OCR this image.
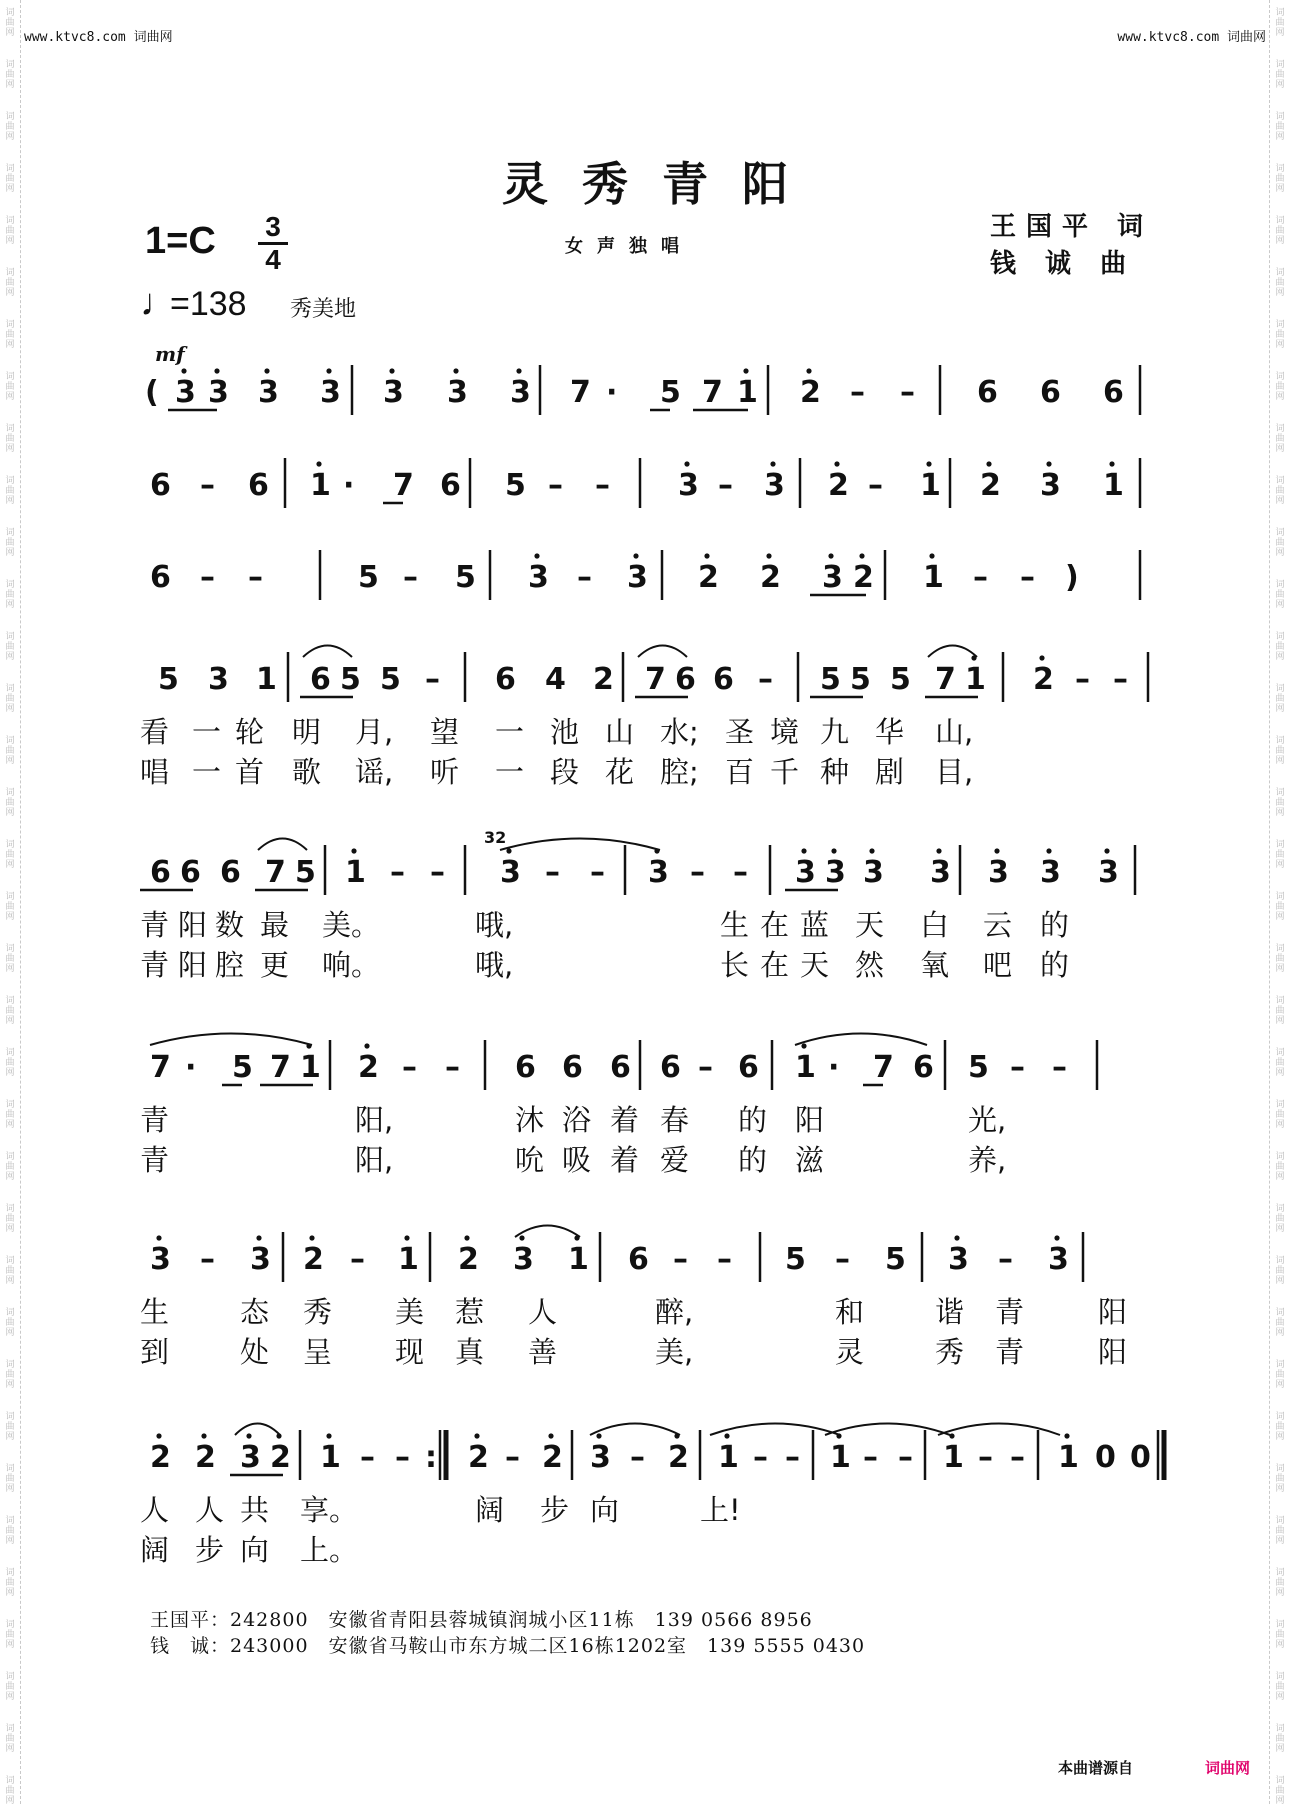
词
曲
网
词
曲
网
词
曲
网
词
曲
网
词
曲
网
词
曲
网
词
曲
网
词
曲
网
词
曲
网
词
曲
网
词
曲
网
词
曲
网
词
曲
网
词
曲
网
词
曲
网
词
曲
网
词
曲
网
词
曲
网
词
曲
网
词
曲
网
词
曲
网
词
曲
网
词
曲
网
词
曲
网
词
曲
网
词
曲
网
词
曲
网
词
曲
网
词
曲
网
词
曲
网
词
曲
网
词
曲
网
词
曲
网
词
曲
网
词
曲
网
词
曲
网
词
曲
网
词
曲
网
词
曲
网
词
曲
网
词
曲
网
词
曲
网
词
曲
网
词
曲
网
词
曲
网
词
曲
网
词
曲
网
词
曲
网
词
曲
网
词
曲
网
词
曲
网
词
曲
网
词
曲
网
词
曲
网
词
曲
网
词
曲
网
词
曲
网
词
曲
网
词
曲
网
词
曲
网
词
曲
网
词
曲
网
词
曲
网
词
曲
网
词
曲
网
词
曲
网
词
曲
网
词
曲
网
词
曲
网
词
曲
网
www.ktvc8.com 词曲网	www.ktvc8.com 词曲网
灵秀青阳
1=C 3
4	女声独唱
王国平 词
钱 诚 曲
♩=138 秀美地
mf
( 3 3 3 3 3 3 3 7 · 5 7 1 2 – – 6 6 6
6 – 6 1 · 7 6 5 – – 3 – 3 2 – 1 2 3 1
6 – –	5 – 5 3 – 3 2 2 3 2 1 – – )
5 3 1 6 5 5 – 6 4 2 7 6 6 – 5 5 5 7 1 2 – –
看 一 轮 明 月, 望 一 池 山 水; 圣 境 九 华 山,
唱 一 首 歌 谣, 听 一 段 花 腔; 百 千 种 剧 目,
6 6 6 7 5 1 – – 3 – – 3 – – 3 3 3 3 3 3 3
32
青 阳 数 最 美。	哦,	生 在 蓝 天 白 云 的
青 阳 腔 更 响。	哦,	长 在 天 然 氧 吧 的
7 · 5 7 1 2 – – 6 6 6 6 – 6 1 · 7 6 5 – –
青	阳,	沐 浴 着 春 的 阳	光,
青	阳,	吮 吸 着 爱 的 滋	养,
3 – 3 2 – 1 2 3 1 6 – – 5 – 5 3 – 3
生 态 秀 美 惹 人	醉,	和 谐 青	阳
到 处 呈 现 真 善	美,	灵 秀 青	阳
2 2 3 2 1 – – : 2 – 2 3 – 2 1 – – 1 – – 1 – – 1 0 0
人 人 共 享。	阔 步 向	上!
阔 步 向 上。
王国平：242800　安徽省青阳县蓉城镇润城小区11栋　139 0566 8956
钱　诚：243000　安徽省马鞍山市东方城二区16栋1202室　139 5555 0430
本曲谱源自	词曲网
